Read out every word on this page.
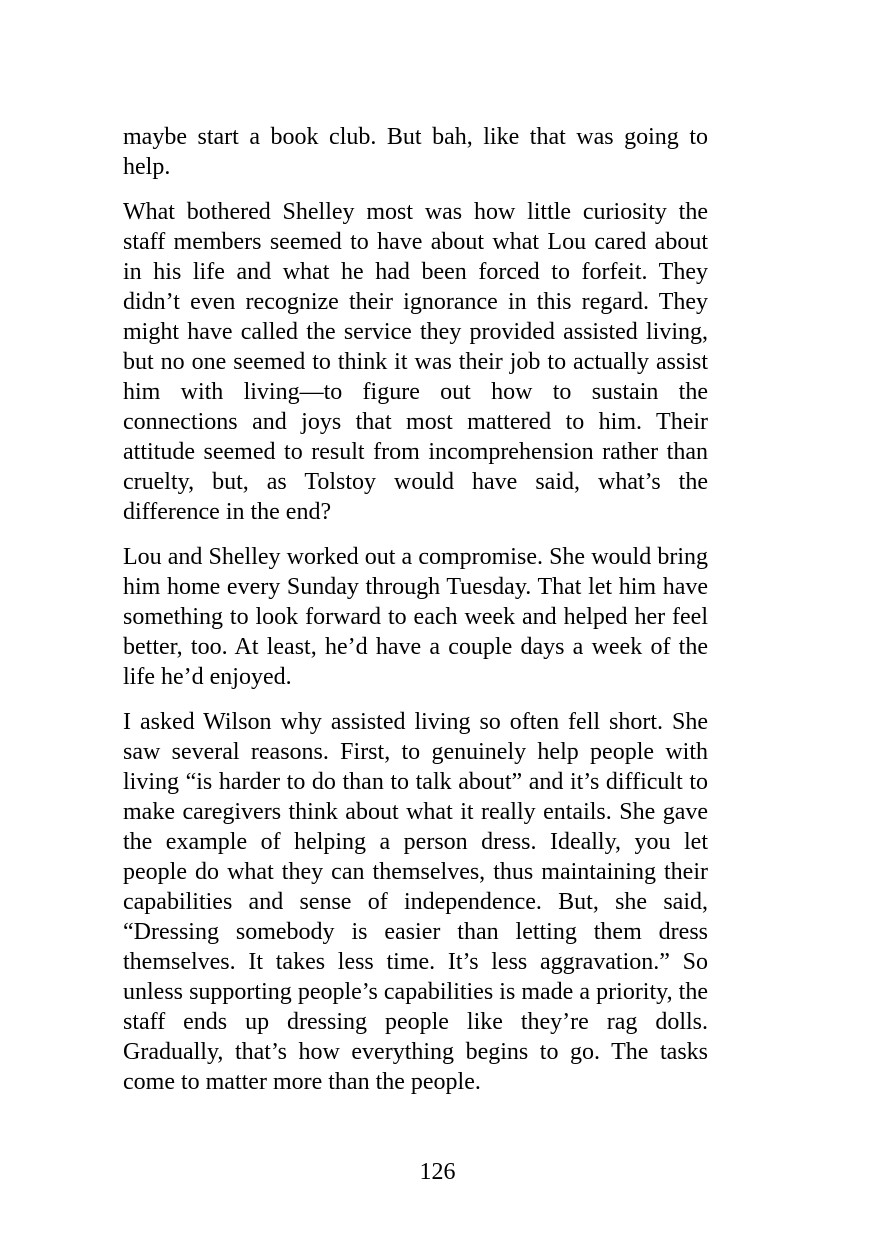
maybe start a book club. But bah, like that was going to help.

What bothered Shelley most was how little curiosity the staff members seemed to have about what Lou cared about in his life and what he had been forced to forfeit. They didn’t even recognize their ignorance in this regard. They might have called the service they provided assisted living, but no one seemed to think it was their job to actually assist him with living—to figure out how to sustain the connections and joys that most mattered to him. Their attitude seemed to result from incomprehension rather than cruelty, but, as Tolstoy would have said, what’s the difference in the end?

Lou and Shelley worked out a compromise. She would bring him home every Sunday through Tuesday. That let him have something to look forward to each week and helped her feel better, too. At least, he’d have a couple days a week of the life he’d enjoyed.

I asked Wilson why assisted living so often fell short. She saw several reasons. First, to genuinely help people with living “is harder to do than to talk about” and it’s difficult to make caregivers think about what it really entails. She gave the example of helping a person dress. Ideally, you let people do what they can themselves, thus maintaining their capabilities and sense of independence. But, she said, “Dressing somebody is easier than letting them dress themselves. It takes less time. It’s less aggravation.” So unless supporting people’s capabilities is made a priority, the staff ends up dressing people like they’re rag dolls. Gradually, that’s how everything begins to go. The tasks come to matter more than the people.

126
